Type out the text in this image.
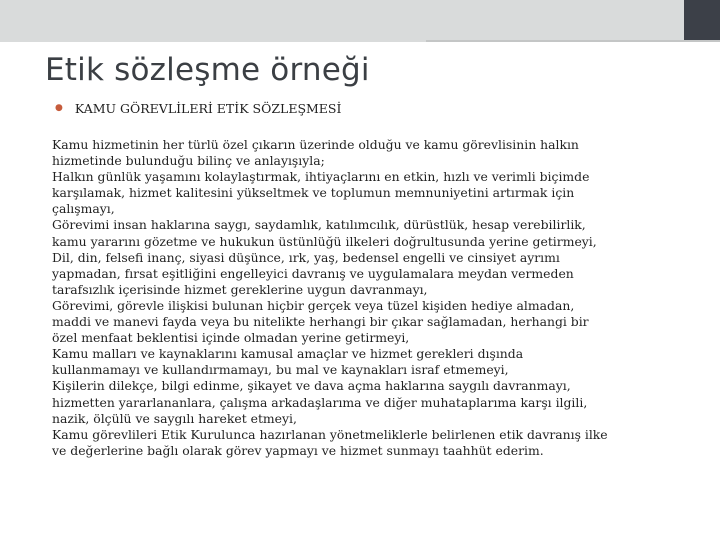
Etik sözleşme örneği
● KAMU GÖREVLİLERİ ETİK SÖZLEŞMESİ
Kamu hizmetinin her türlü özel çıkarın üzerinde olduğu ve kamu görevlisinin halkın
hizmetinde bulunduğu bilinç ve anlayışıyla;
Halkın günlük yaşamını kolaylaştırmak, ihtiyaçlarını en etkin, hızlı ve verimli biçimde
karşılamak, hizmet kalitesini yükseltmek ve toplumun memnuniyetini artırmak için
çalışmayı,
Görevimi insan haklarına saygı, saydamlık, katılımcılık, dürüstlük, hesap verebilirlik,
kamu yararını gözetme ve hukukun üstünlüğü ilkeleri doğrultusunda yerine getirmeyi,
Dil, din, felsefi inanç, siyasi düşünce, ırk, yaş, bedensel engelli ve cinsiyet ayrımı
yapmadan, fırsat eşitliğini engelleyici davranış ve uygulamalara meydan vermeden
tarafsızlık içerisinde hizmet gereklerine uygun davranmayı,
Görevimi, görevle ilişkisi bulunan hiçbir gerçek veya tüzel kişiden hediye almadan,
maddi ve manevi fayda veya bu nitelikte herhangi bir çıkar sağlamadan, herhangi bir
özel menfaat beklentisi içinde olmadan yerine getirmeyi,
Kamu malları ve kaynaklarını kamusal amaçlar ve hizmet gerekleri dışında
kullanmamayı ve kullandırmamayı, bu mal ve kaynakları israf etmemeyi,
Kişilerin dilekçe, bilgi edinme, şikayet ve dava açma haklarına saygılı davranmayı,
hizmetten yararlananlara, çalışma arkadaşlarıma ve diğer muhataplarıma karşı ilgili,
nazik, ölçülü ve saygılı hareket etmeyi,
Kamu görevlileri Etik Kurulunca hazırlanan yönetmeliklerle belirlenen etik davranış ilke
ve değerlerine bağlı olarak görev yapmayı ve hizmet sunmayı taahhüt ederim.
